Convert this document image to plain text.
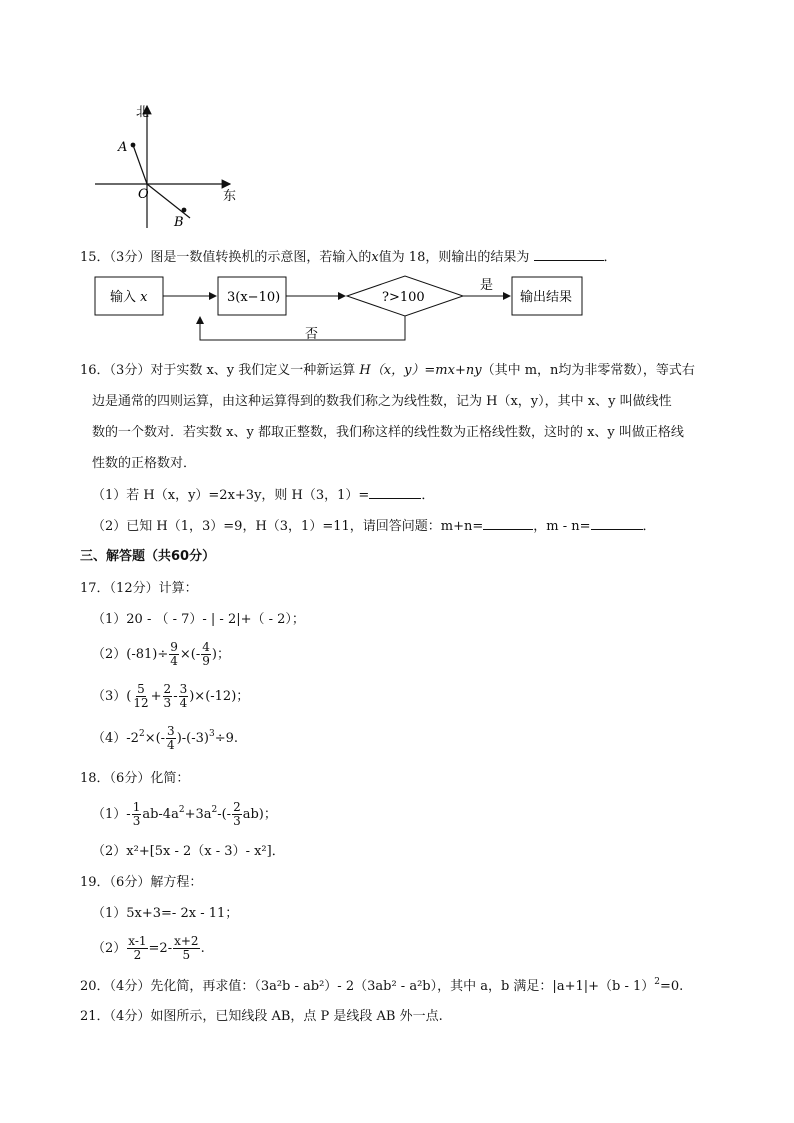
北
东
A
O
B
15．（3分）图是一数值转换机的示意图，若输入的x值为 18，则输出的结果为	．
输入 x	3(x−10)	?>100
是
输出结果
否
16．（3分）对于实数 x、y 我们定义一种新运算 H（x，y）=mx+ny（其中 m，n均为非零常数），等式右
边是通常的四则运算，由这种运算得到的数我们称之为线性数，记为 H（x，y），其中 x、y 叫做线性
数的一个数对．若实数 x、y 都取正整数，我们称这样的线性数为正格线性数，这时的 x、y 叫做正格线
性数的正格数对．
（1）若 H（x，y）=2x+3y，则 H（3，1）=	．
（2）已知 H（1，3）=9，H（3，1）=11，请回答问题：m+n=	，m - n=	．
三、解答题（共60分）
17．（12分）计算：
（1）20 - （ - 7）- | - 2|+（ - 2）；
$(2)(-81)\div \frac{9}{4}$ ×(- $\frac{4}{9}$ )；
$(3)( \frac{5}{12} + \frac{2}{3} - \frac{3}{4} )\times(-12)$；
$(4)-2^2\times(- \frac{3}{4} )-(-3)^3\div 9$.
18．（6分）化简：
$(1)- \frac{1}{3} ab-4a^2+3a^2-(- \frac{2}{3} ab)$；
（2）x²+[5x - 2（x - 3）- x²]．
19．（6分）解方程：
（1）5x+3=- 2x - 11；
$(2) \frac{x-1}{2} =2- \frac{x+2}{5}$ .
20．（4分）先化简，再求值：（3a²b - ab²）- 2（3ab² - a²b），其中 a，b 满足：|a+1|+（b - 1）$^2$=0.
21．（4分）如图所示，已知线段 AB，点 P 是线段 AB 外一点.
